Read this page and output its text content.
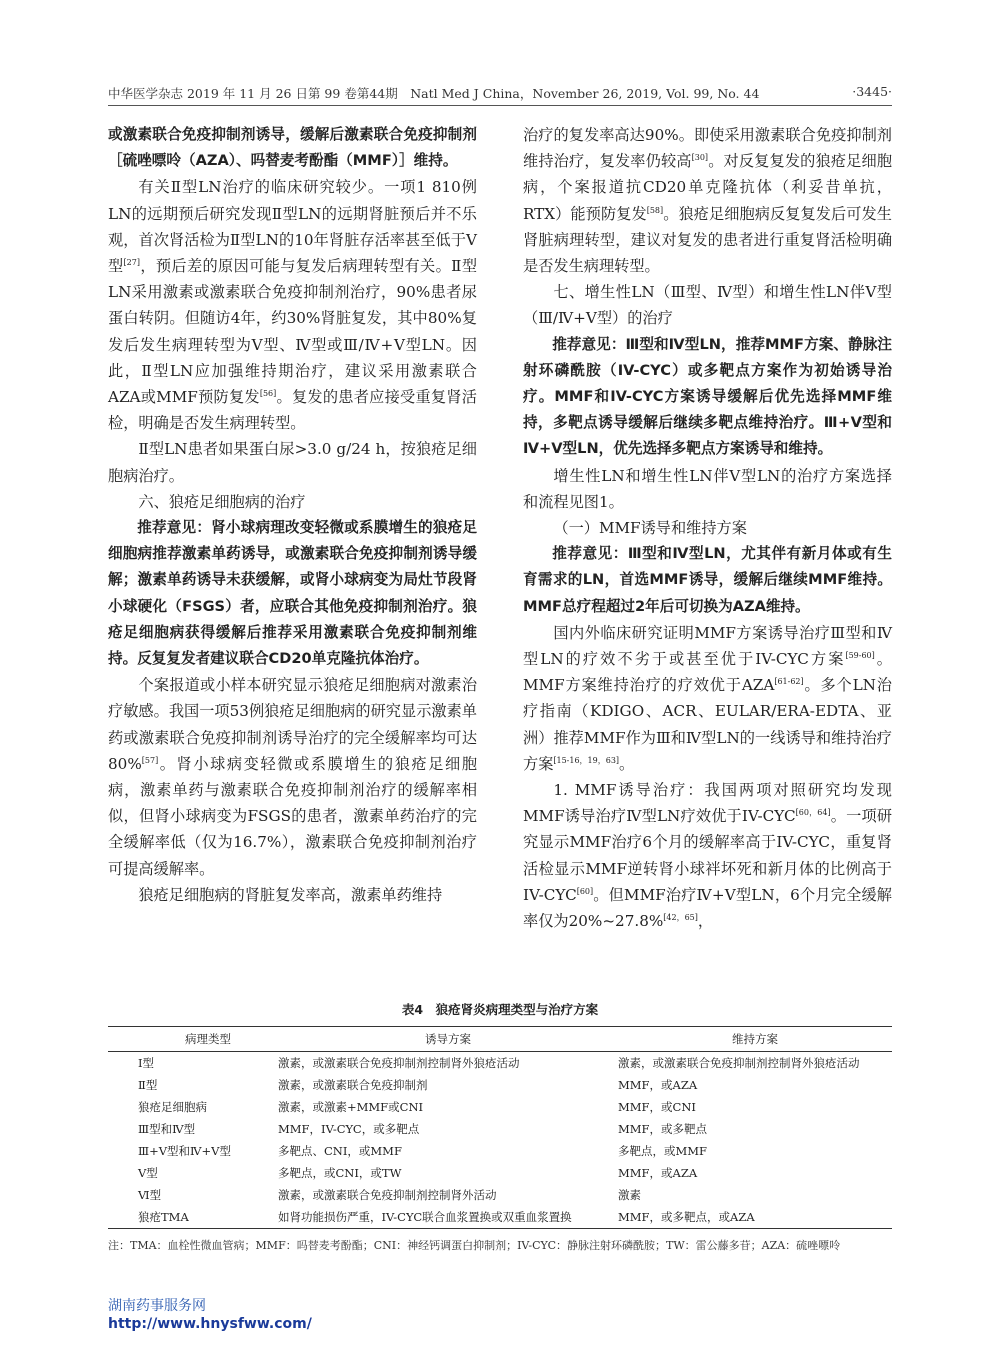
中华医学杂志 2019 年 11 月 26 日第 99 卷第44期　Natl Med J China，November 26, 2019, Vol. 99, No. 44	·3445·

或激素联合免疫抑制剂诱导，缓解后激素联合免疫抑制剂［硫唑嘌呤（AZA）、吗替麦考酚酯（MMF）］维持。

有关Ⅱ型LN治疗的临床研究较少。一项1 810例LN的远期预后研究发现Ⅱ型LN的远期肾脏预后并不乐观，首次肾活检为Ⅱ型LN的10年肾脏存活率甚至低于Ⅴ型[27]，预后差的原因可能与复发后病理转型有关。Ⅱ型LN采用激素或激素联合免疫抑制剂治疗，90%患者尿蛋白转阴。但随访4年，约30%肾脏复发，其中80%复发后发生病理转型为Ⅴ型、Ⅳ型或Ⅲ/Ⅳ+Ⅴ型LN。因此，Ⅱ型LN应加强维持期治疗，建议采用激素联合AZA或MMF预防复发[56]。复发的患者应接受重复肾活检，明确是否发生病理转型。

Ⅱ型LN患者如果蛋白尿>3.0 g/24 h，按狼疮足细胞病治疗。

六、狼疮足细胞病的治疗

推荐意见：肾小球病理改变轻微或系膜增生的狼疮足细胞病推荐激素单药诱导，或激素联合免疫抑制剂诱导缓解；激素单药诱导未获缓解，或肾小球病变为局灶节段肾小球硬化（FSGS）者，应联合其他免疫抑制剂治疗。狼疮足细胞病获得缓解后推荐采用激素联合免疫抑制剂维持。反复复发者建议联合CD20单克隆抗体治疗。

个案报道或小样本研究显示狼疮足细胞病对激素治疗敏感。我国一项53例狼疮足细胞病的研究显示激素单药或激素联合免疫抑制剂诱导治疗的完全缓解率均可达80%[57]。肾小球病变轻微或系膜增生的狼疮足细胞病，激素单药与激素联合免疫抑制剂治疗的缓解率相似，但肾小球病变为FSGS的患者，激素单药治疗的完全缓解率低（仅为16.7%），激素联合免疫抑制剂治疗可提高缓解率。

狼疮足细胞病的肾脏复发率高，激素单药维持

治疗的复发率高达90%。即使采用激素联合免疫抑制剂维持治疗，复发率仍较高[30]。对反复复发的狼疮足细胞病，个案报道抗CD20单克隆抗体（利妥昔单抗，RTX）能预防复发[58]。狼疮足细胞病反复复发后可发生肾脏病理转型，建议对复发的患者进行重复肾活检明确是否发生病理转型。

七、增生性LN（Ⅲ型、Ⅳ型）和增生性LN伴Ⅴ型（Ⅲ/Ⅳ+Ⅴ型）的治疗

推荐意见：Ⅲ型和Ⅳ型LN，推荐MMF方案、静脉注射环磷酰胺（IV-CYC）或多靶点方案作为初始诱导治疗。MMF和IV-CYC方案诱导缓解后优先选择MMF维持，多靶点诱导缓解后继续多靶点维持治疗。Ⅲ+Ⅴ型和Ⅳ+Ⅴ型LN，优先选择多靶点方案诱导和维持。

增生性LN和增生性LN伴Ⅴ型LN的治疗方案选择和流程见图1。

（一）MMF诱导和维持方案

推荐意见：Ⅲ型和Ⅳ型LN，尤其伴有新月体或有生育需求的LN，首选MMF诱导，缓解后继续MMF维持。MMF总疗程超过2年后可切换为AZA维持。

国内外临床研究证明MMF方案诱导治疗Ⅲ型和Ⅳ型LN的疗效不劣于或甚至优于IV-CYC方案[59-60]。MMF方案维持治疗的疗效优于AZA[61-62]。多个LN治疗指南（KDIGO、ACR、EULAR/ERA-EDTA、亚洲）推荐MMF作为Ⅲ和Ⅳ型LN的一线诱导和维持治疗方案[15-16，19，63]。

1. MMF诱导治疗：我国两项对照研究均发现MMF诱导治疗Ⅳ型LN疗效优于IV-CYC[60，64]。一项研究显示MMF治疗6个月的缓解率高于IV-CYC，重复肾活检显示MMF逆转肾小球袢坏死和新月体的比例高于IV-CYC[60]。但MMF治疗Ⅳ+Ⅴ型LN，6个月完全缓解率仅为20%~27.8%[42，65]，

表4　狼疮肾炎病理类型与治疗方案
病理类型	诱导方案	维持方案
Ⅰ型	激素，或激素联合免疫抑制剂控制肾外狼疮活动	激素，或激素联合免疫抑制剂控制肾外狼疮活动
Ⅱ型	激素，或激素联合免疫抑制剂	MMF，或AZA
狼疮足细胞病	激素，或激素+MMF或CNI	MMF，或CNI
Ⅲ型和Ⅳ型	MMF，IV-CYC，或多靶点	MMF，或多靶点
Ⅲ+Ⅴ型和Ⅳ+Ⅴ型	多靶点、CNI，或MMF	多靶点，或MMF
Ⅴ型	多靶点，或CNI，或TW	MMF，或AZA
Ⅵ型	激素，或激素联合免疫抑制剂控制肾外活动	激素
狼疮TMA	如肾功能损伤严重，IV-CYC联合血浆置换或双重血浆置换	MMF，或多靶点，或AZA
注：TMA：血栓性微血管病；MMF：吗替麦考酚酯；CNI：神经钙调蛋白抑制剂；IV-CYC：静脉注射环磷酰胺；TW：雷公藤多苷；AZA：硫唑嘌呤
湖南药事服务网
http://www.hnysfww.com/
